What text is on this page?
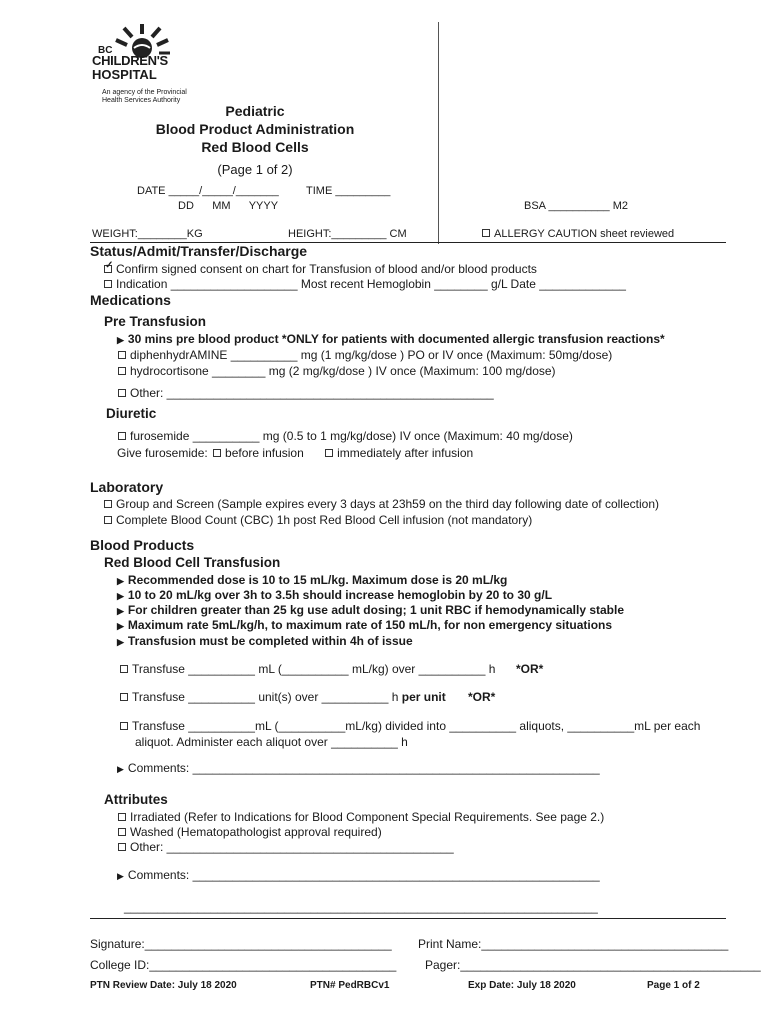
BC
CHILDREN'S
HOSPITAL
An agency of the Provincial
Health Services Authority
Pediatric
Blood Product Administration
Red Blood Cells
(Page 1 of 2)
DATE _____/_____/_______ TIME _________
DD      MM      YYYY	BSA __________ M2
WEIGHT:________KG	HEIGHT:_________ CM	ALLERGY CAUTION sheet reviewed
Status/Admit/Transfer/Discharge
✓Confirm signed consent on chart for Transfusion of blood and/or blood products
Indication ___________________ Most recent Hemoglobin ________ g/L Date _____________
Medications
Pre Transfusion
▶ 30 mins pre blood product *ONLY for patients with documented allergic transfusion reactions*
diphenhydrAMINE __________ mg (1 mg/kg/dose ) PO or IV once (Maximum: 50mg/dose)
hydrocortisone ________ mg (2 mg/kg/dose ) IV once (Maximum: 100 mg/dose)
Other: _________________________________________________
Diuretic
furosemide __________ mg (0.5 to 1 mg/kg/dose) IV once (Maximum: 40 mg/dose)
Give furosemide: before infusion	immediately after infusion
Laboratory
Group and Screen (Sample expires every 3 days at 23h59 on the third day following date of collection)
Complete Blood Count (CBC) 1h post Red Blood Cell infusion (not mandatory)
Blood Products
Red Blood Cell Transfusion
▶ Recommended dose is 10 to 15 mL/kg. Maximum dose is 20 mL/kg
▶ 10 to 20 mL/kg over 3h to 3.5h should increase hemoglobin by 20 to 30 g/L
▶ For children greater than 25 kg use adult dosing; 1 unit RBC if hemodynamically stable
▶ Maximum rate 5mL/kg/h, to maximum rate of 150 mL/h, for non emergency situations
▶ Transfusion must be completed within 4h of issue
Transfuse __________ mL (__________ mL/kg) over __________ h *OR*
Transfuse __________ unit(s) over __________ h per unit *OR*
Transfuse __________mL (__________mL/kg) divided into __________ aliquots, __________mL per each
aliquot. Administer each aliquot over __________ h
▶ Comments: _____________________________________________________________
Attributes
Irradiated (Refer to Indications for Blood Component Special Requirements. See page 2.)
Washed (Hematopathologist approval required)
Other: ___________________________________________
▶ Comments: _____________________________________________________________
_______________________________________________________________________
Signature:_____________________________________ Print Name:_____________________________________
College ID:_____________________________________ Pager:_____________________________________________
PTN Review Date: July 18 2020	PTN# PedRBCv1	Exp Date: July 18 2020	Page 1 of 2
